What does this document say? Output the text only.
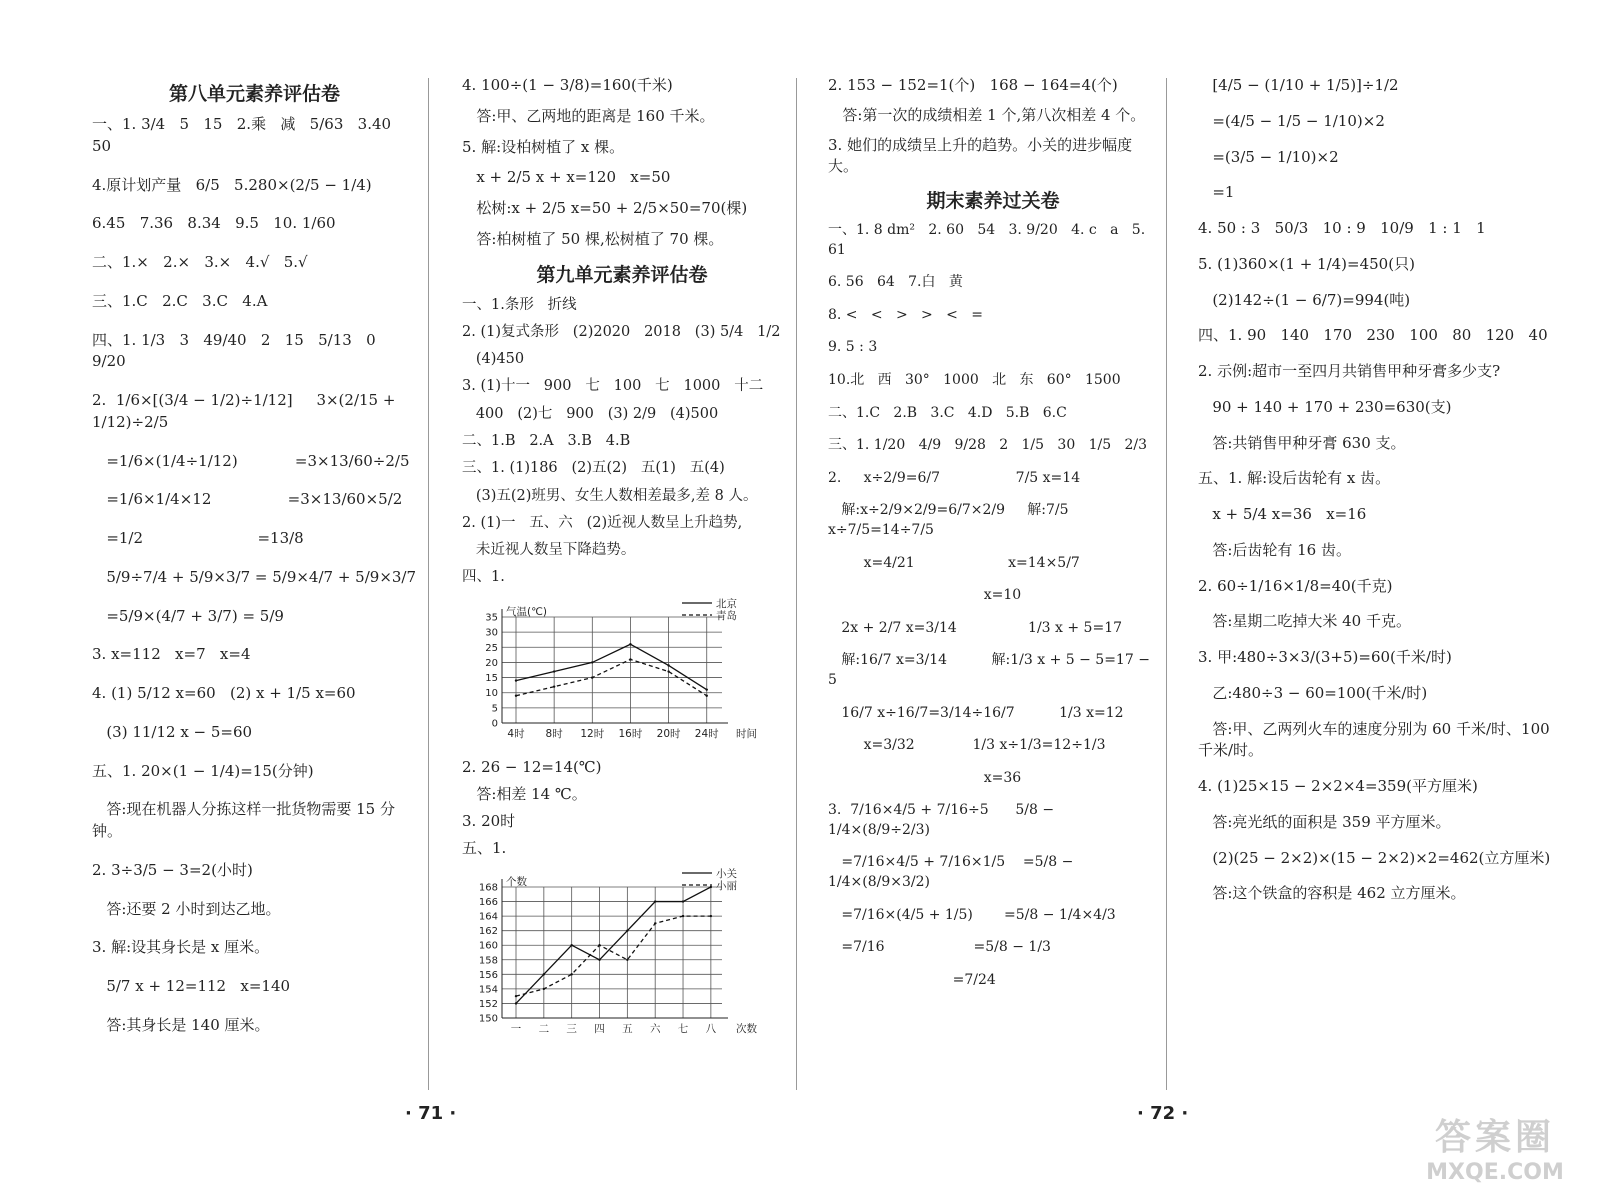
第八单元素养评估卷
一、1. 3/4   5   15   2.乘   减   5/63   3.40   50
4.原计划产量   6/5   5.280×(2/5 − 1/4)
6.45   7.36   8.34   9.5   10. 1/60
二、1.×   2.×   3.×   4.√   5.√
三、1.C   2.C   3.C   4.A
四、1. 1/3   3   49/40   2   15   5/13   0   9/20
2.  1/6×[(3/4 − 1/2)÷1/12]     3×(2/15 + 1/12)÷2/5
=1/6×(1/4÷1/12)            =3×13/60÷2/5
=1/6×1/4×12                =3×13/60×5/2
=1/2                        =13/8
5/9÷7/4 + 5/9×3/7 = 5/9×4/7 + 5/9×3/7
=5/9×(4/7 + 3/7) = 5/9
3. x=112   x=7   x=4
4. (1) 5/12 x=60   (2) x + 1/5 x=60
(3) 11/12 x − 5=60
五、1. 20×(1 − 1/4)=15(分钟)
答:现在机器人分拣这样一批货物需要 15 分钟。
2. 3÷3/5 − 3=2(小时)
答:还要 2 小时到达乙地。
3. 解:设其身长是 x 厘米。
5/7 x + 12=112   x=140
答:其身长是 140 厘米。
4. 100÷(1 − 3/8)=160(千米)
答:甲、乙两地的距离是 160 千米。
5. 解:设柏树植了 x 棵。
x + 2/5 x + x=120   x=50
松树:x + 2/5 x=50 + 2/5×50=70(棵)
答:柏树植了 50 棵,松树植了 70 棵。
第九单元素养评估卷
一、1.条形   折线
2. (1)复式条形   (2)2020   2018   (3) 5/4   1/2
(4)450
3. (1)十一   900   七   100   七   1000   十二
400   (2)七   900   (3) 2/9   (4)500
二、1.B   2.A   3.B   4.B
三、1. (1)186   (2)五(2)   五(1)   五(4)
(3)五(2)班男、女生人数相差最多,差 8 人。
2. (1)一   五、六   (2)近视人数呈上升趋势,
未近视人数呈下降趋势。
四、1.
0
5
10
15
20
25
30
35
4时 8时 12时 16时 20时 24时
气温(℃)
时间
北京
青岛
2. 26 − 12=14(℃)
答:相差 14 ℃。
3. 20时
五、1.
150
152
154
156
158
160
162
164
166
168
一 二 三 四 五 六 七 八
个数
次数
小关
小丽
2. 153 − 152=1(个)   168 − 164=4(个)
答:第一次的成绩相差 1 个,第八次相差 4 个。
3. 她们的成绩呈上升的趋势。小关的进步幅度大。
期末素养过关卷
一、1. 8 dm²   2. 60   54   3. 9/20   4. c   a   5. 61
6. 56   64   7.白   黄
8. <   <   >   >   <   =
9. 5 : 3
10.北   西   30°   1000   北   东   60°   1500
二、1.C   2.B   3.C   4.D   5.B   6.C
三、1. 1/20   4/9   9/28   2   1/5   30   1/5   2/3
2.     x÷2/9=6/7                 7/5 x=14
解:x÷2/9×2/9=6/7×2/9     解:7/5 x÷7/5=14÷7/5
x=4/21                     x=14×5/7
x=10
2x + 2/7 x=3/14                1/3 x + 5=17
解:16/7 x=3/14          解:1/3 x + 5 − 5=17 − 5
16/7 x÷16/7=3/14÷16/7          1/3 x=12
x=3/32             1/3 x÷1/3=12÷1/3
x=36
3.  7/16×4/5 + 7/16÷5      5/8 − 1/4×(8/9÷2/3)
=7/16×4/5 + 7/16×1/5    =5/8 − 1/4×(8/9×3/2)
=7/16×(4/5 + 1/5)       =5/8 − 1/4×4/3
=7/16                    =5/8 − 1/3
=7/24
[4/5 − (1/10 + 1/5)]÷1/2
=(4/5 − 1/5 − 1/10)×2
=(3/5 − 1/10)×2
=1
4. 50 : 3   50/3   10 : 9   10/9   1 : 1   1
5. (1)360×(1 + 1/4)=450(只)
(2)142÷(1 − 6/7)=994(吨)
四、1. 90   140   170   230   100   80   120   40
2. 示例:超市一至四月共销售甲种牙膏多少支?
90 + 140 + 170 + 230=630(支)
答:共销售甲种牙膏 630 支。
五、1. 解:设后齿轮有 x 齿。
x + 5/4 x=36   x=16
答:后齿轮有 16 齿。
2. 60÷1/16×1/8=40(千克)
答:星期二吃掉大米 40 千克。
3. 甲:480÷3×3/(3+5)=60(千米/时)
乙:480÷3 − 60=100(千米/时)
答:甲、乙两列火车的速度分别为 60 千米/时、100 千米/时。
4. (1)25×15 − 2×2×4=359(平方厘米)
答:亮光纸的面积是 359 平方厘米。
(2)(25 − 2×2)×(15 − 2×2)×2=462(立方厘米)
答:这个铁盒的容积是 462 立方厘米。
· 71 ·	· 72 ·
答案圈
MXQE.COM
